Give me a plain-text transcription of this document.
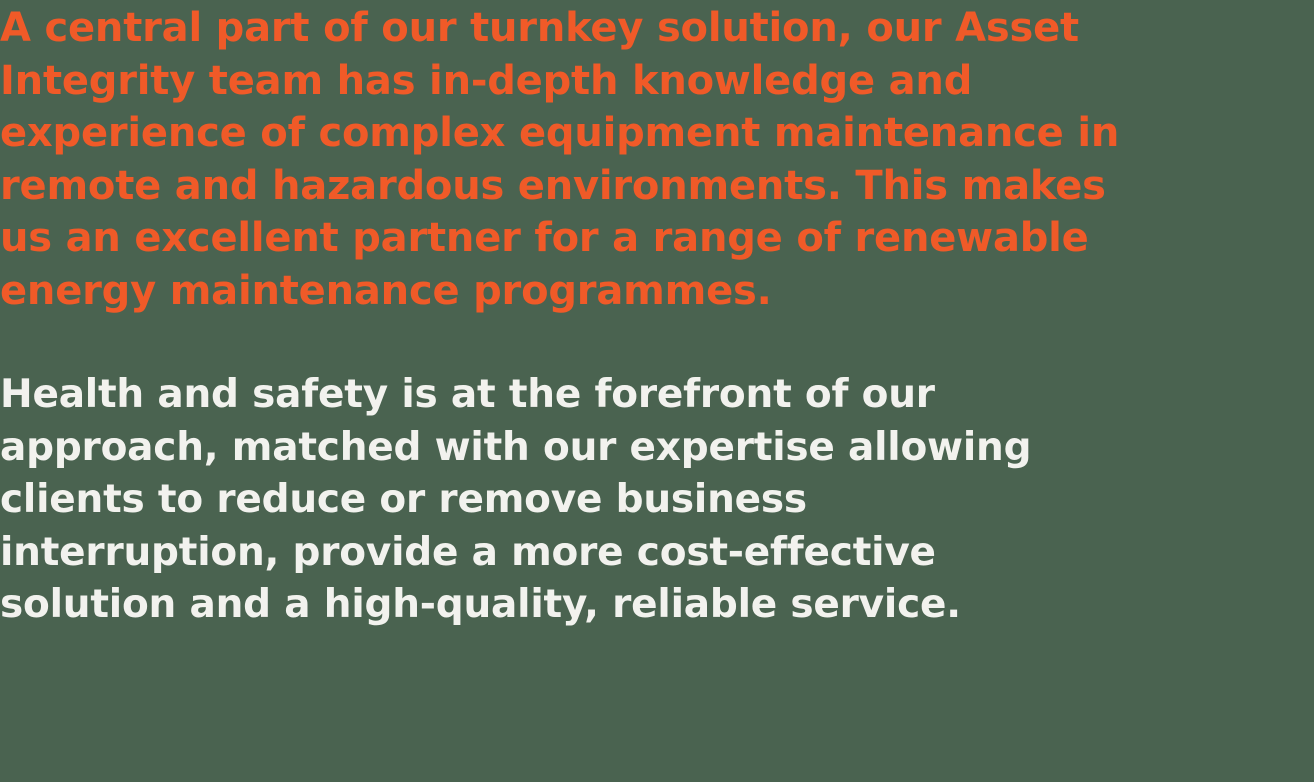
A central part of our turnkey solution, our Asset Integrity team has in-depth knowledge and experience of complex equipment maintenance in remote and hazardous environments. This makes us an excellent partner for a range of renewable energy maintenance programmes.

Health and safety is at the forefront of our approach, matched with our expertise allowing clients to reduce or remove business interruption, provide a more cost-effective solution and a high-quality, reliable service.
